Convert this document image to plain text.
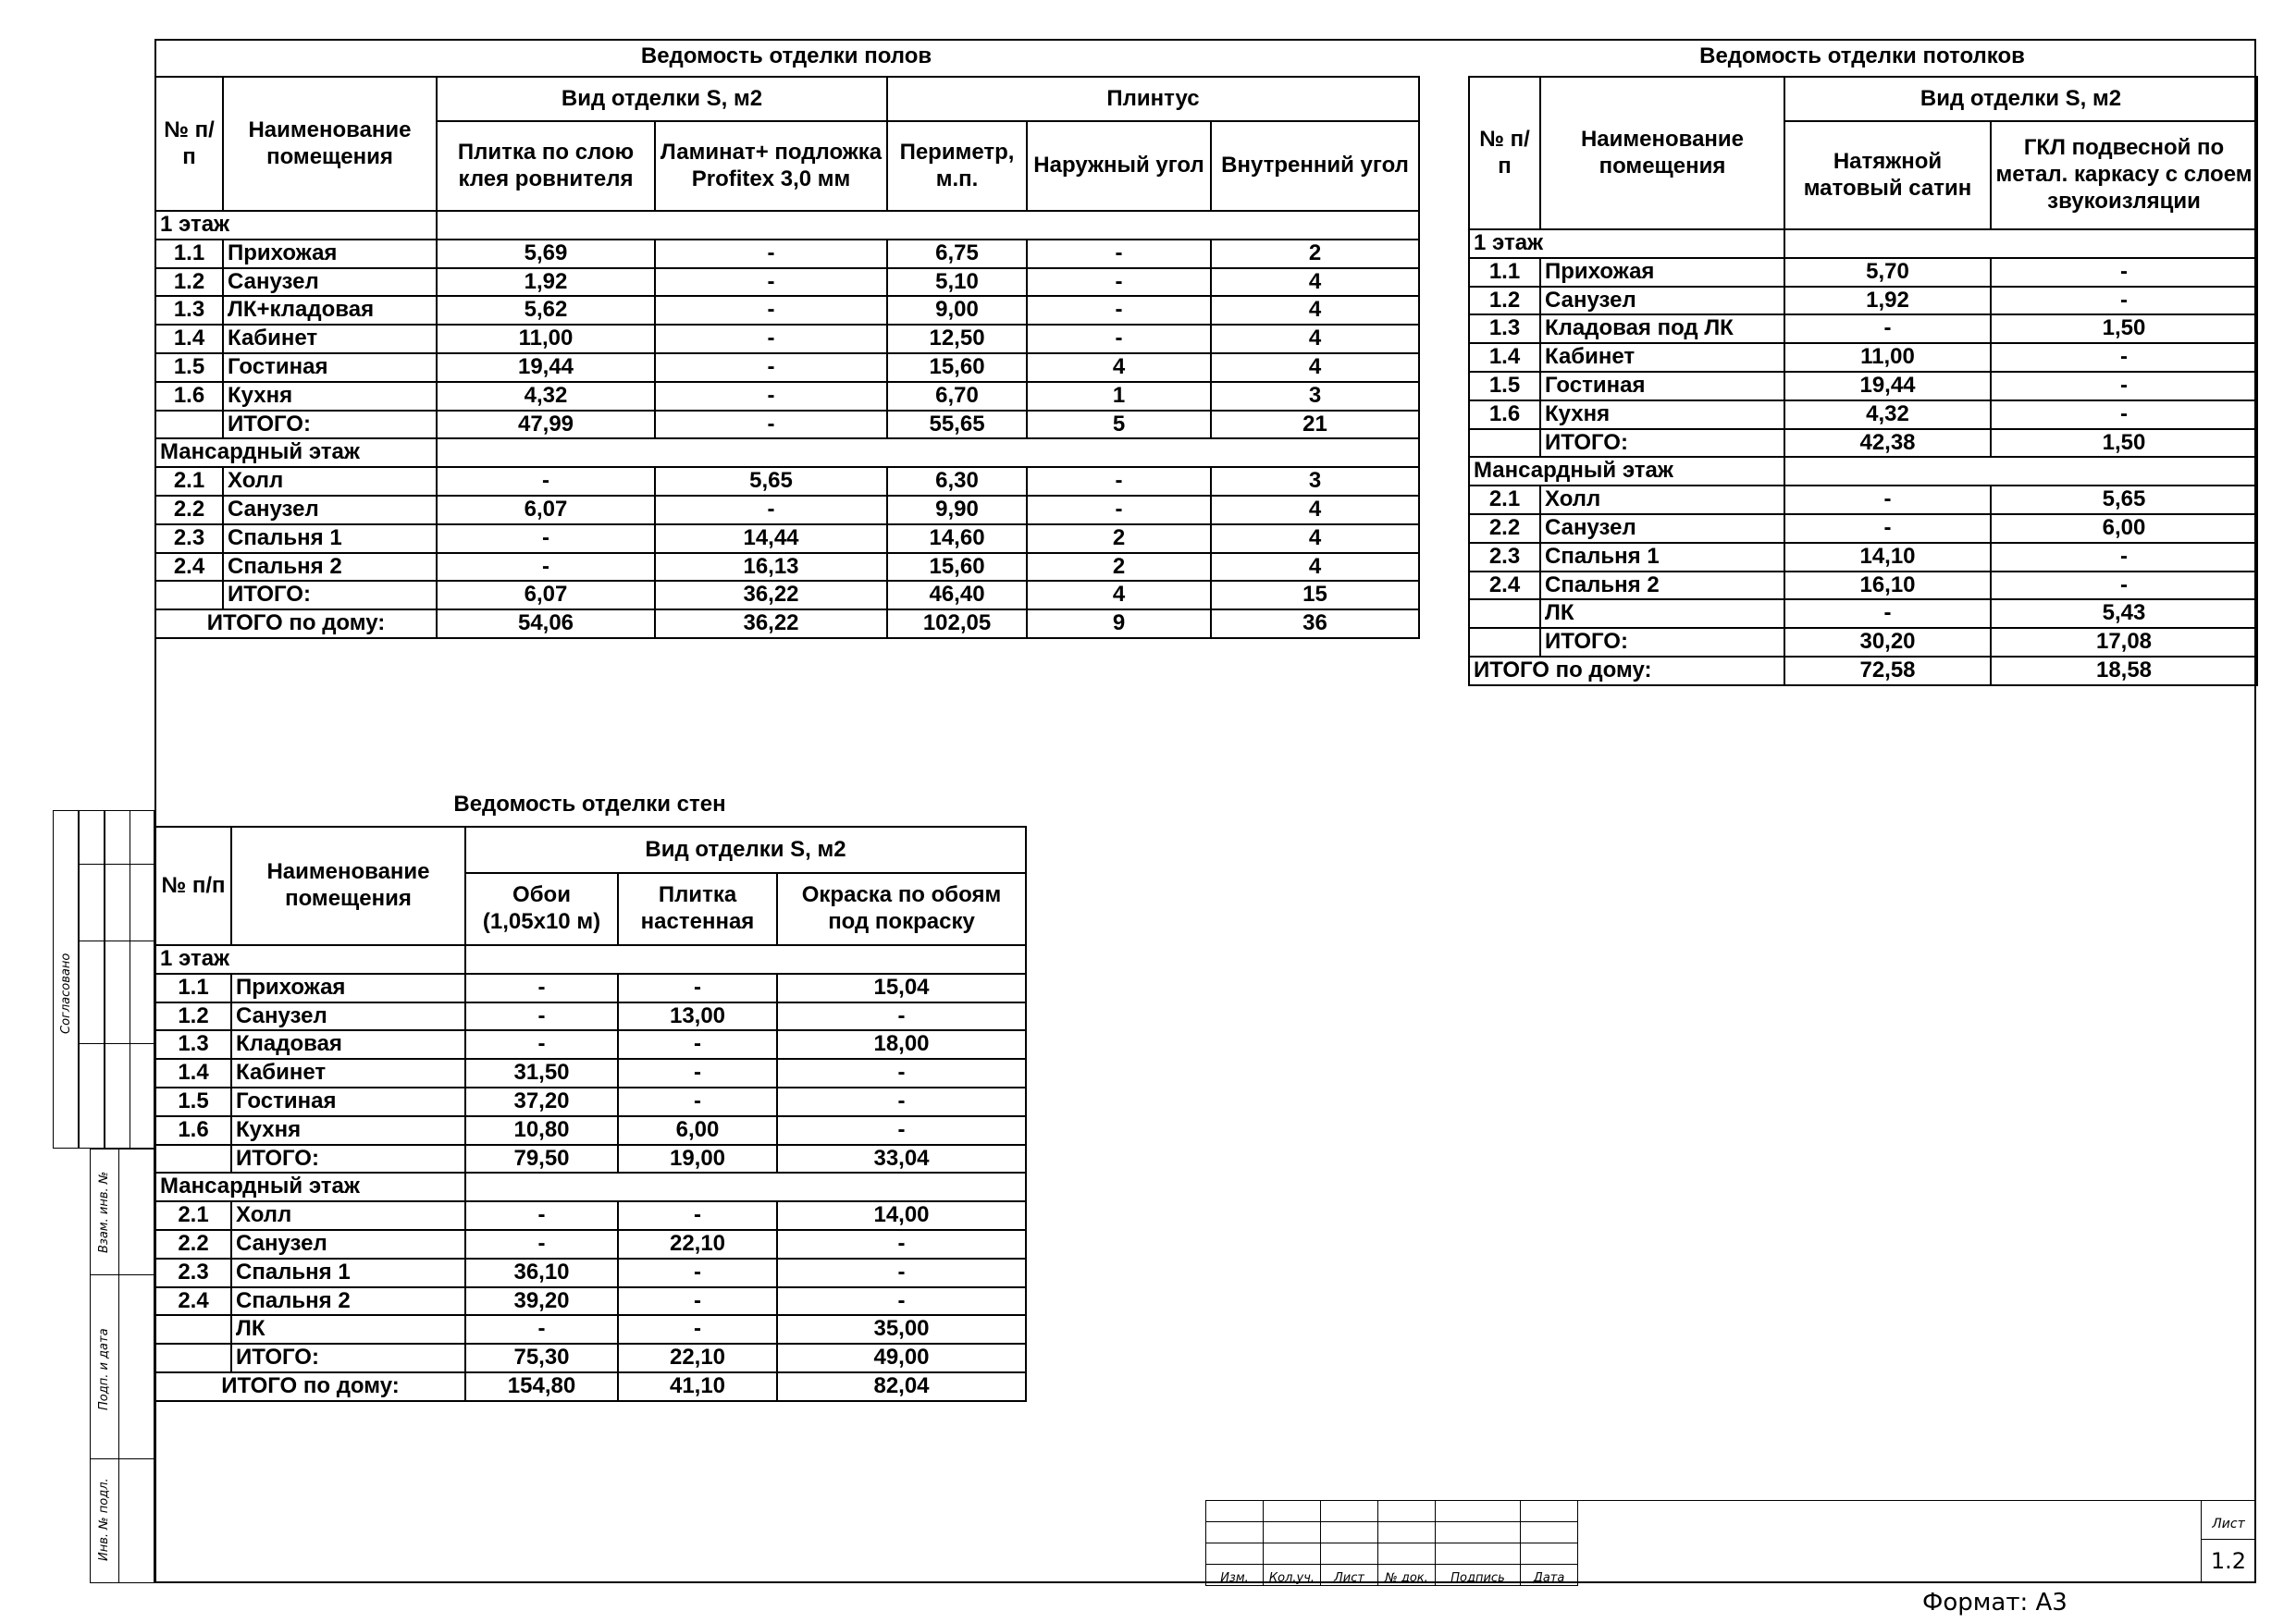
Ведомость отделки полов
№ п/п	Наименование помещения	Вид отделки S, м2		Плинтус		
		Плитка по слою клея ровнителя	Ламинат+ подложка Profitex 3,0 мм	Периметр, м.п.	Наружный угол	Внутренний угол
1 этаж						
1.1	Прихожая	5,69	-	6,75	-	2
1.2	Санузел	1,92	-	5,10	-	4
1.3	ЛК+кладовая	5,62	-	9,00	-	4
1.4	Кабинет	11,00	-	12,50	-	4
1.5	Гостиная	19,44	-	15,60	4	4
1.6	Кухня	4,32	-	6,70	1	3
	ИТОГО:	47,99	-	55,65	5	21
Мансардный этаж						
2.1	Холл	-	5,65	6,30	-	3
2.2	Санузел	6,07	-	9,90	-	4
2.3	Спальня 1	-	14,44	14,60	2	4
2.4	Спальня 2	-	16,13	15,60	2	4
	ИТОГО:	6,07	36,22	46,40	4	15
ИТОГО по дому:		54,06	36,22	102,05	9	36
Ведомость отделки потолков
№ п/п	Наименование помещения	Вид отделки S, м2	
		Натяжной матовый сатин	ГКЛ подвесной по метал. каркасу с слоем звукоизляции
1 этаж			
1.1	Прихожая	5,70	-
1.2	Санузел	1,92	-
1.3	Кладовая под ЛК	-	1,50
1.4	Кабинет	11,00	-
1.5	Гостиная	19,44	-
1.6	Кухня	4,32	-
	ИТОГО:	42,38	1,50
Мансардный этаж			
2.1	Холл	-	5,65
2.2	Санузел	-	6,00
2.3	Спальня 1	14,10	-
2.4	Спальня 2	16,10	-
	ЛК	-	5,43
	ИТОГО:	30,20	17,08
ИТОГО по дому:		72,58	18,58
Ведомость отделки стен
№ п/п	Наименование помещения	Вид отделки S, м2		
		Обои (1,05х10 м)	Плитка настенная	Окраска по обоям под покраску
1 этаж				
1.1	Прихожая	-	-	15,04
1.2	Санузел	-	13,00	-
1.3	Кладовая	-	-	18,00
1.4	Кабинет	31,50	-	-
1.5	Гостиная	37,20	-	-
1.6	Кухня	10,80	6,00	-
	ИТОГО:	79,50	19,00	33,04
Мансардный этаж				
2.1	Холл	-	-	14,00
2.2	Санузел	-	22,10	-
2.3	Спальня 1	36,10	-	-
2.4	Спальня 2	39,20	-	-
	ЛК	-	-	35,00
	ИТОГО:	75,30	22,10	49,00
ИТОГО по дому:		154,80	41,10	82,04
Согласовано
Взам. инв. №
Подп. и дата
Инв. № подл.

Изм.	Кол.уч.	Лист	№ док.	Подпись	Дата
Лист
1.2
Формат: А3
